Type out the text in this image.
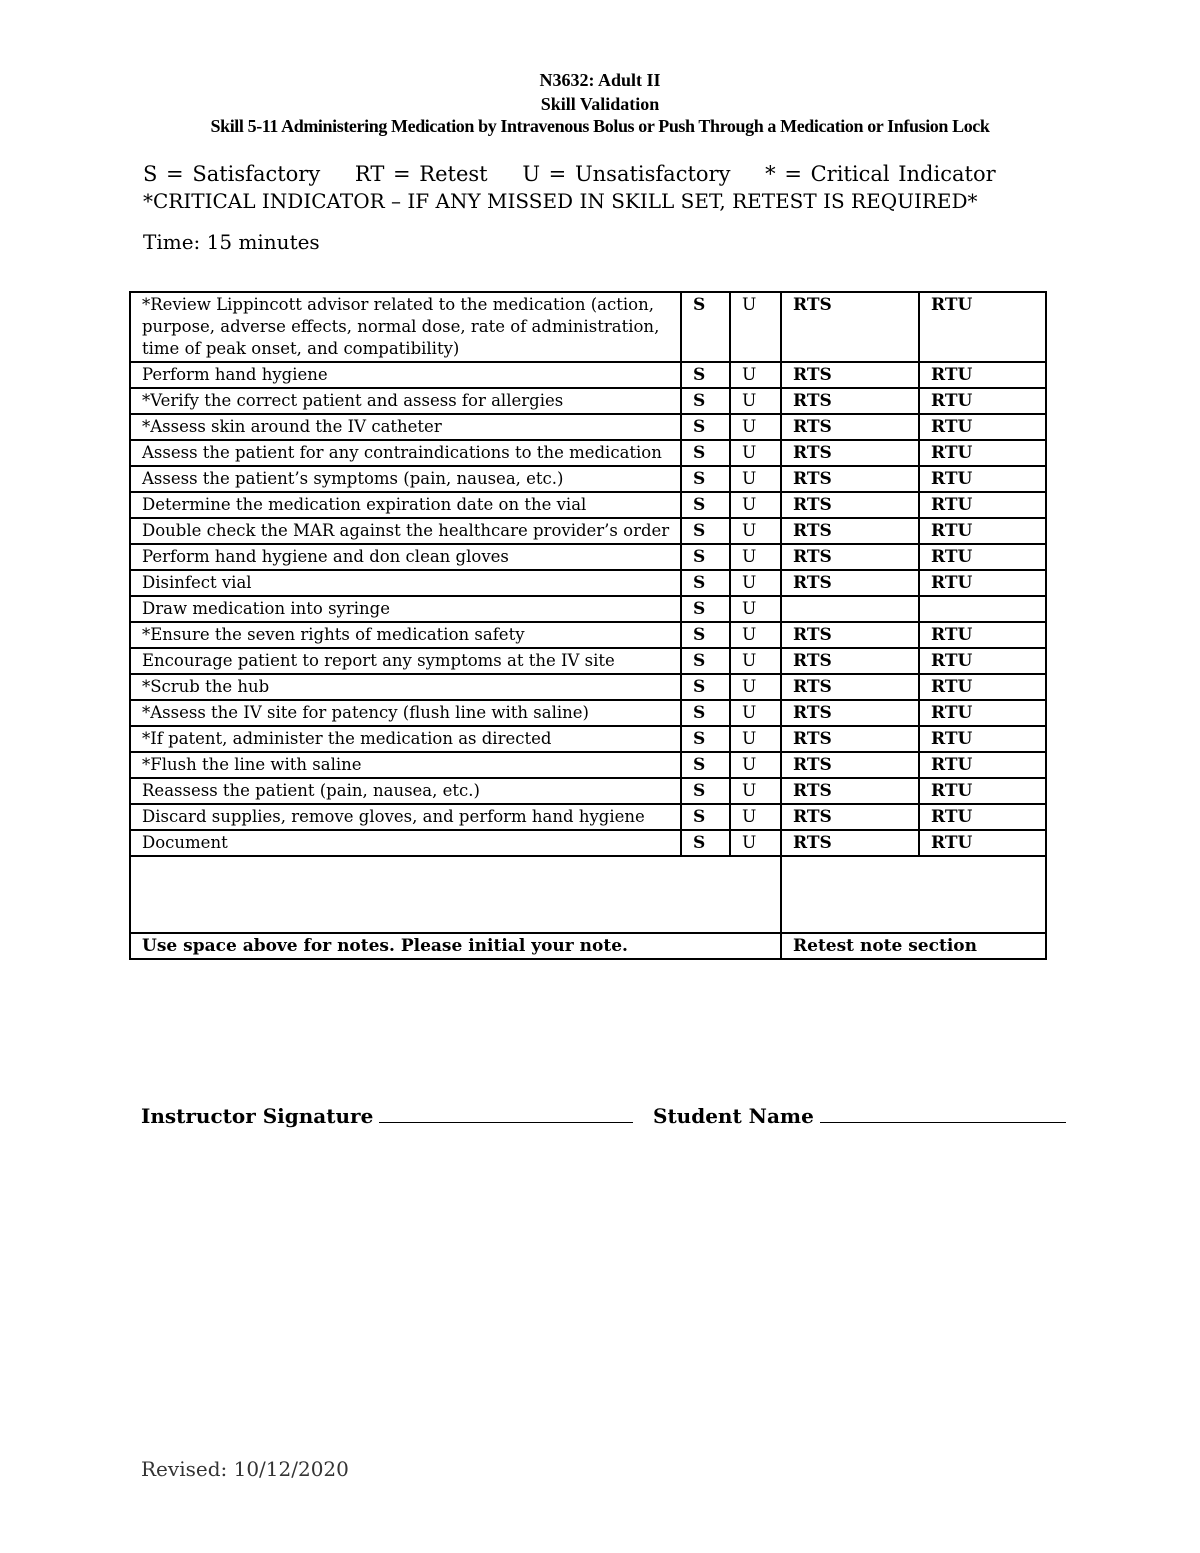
N3632: Adult II
Skill Validation
Skill 5-11 Administering Medication by Intravenous Bolus or Push Through a Medication or Infusion Lock
S = Satisfactory RT = Retest U = Unsatisfactory * = Critical Indicator
*CRITICAL INDICATOR – IF ANY MISSED IN SKILL SET, RETEST IS REQUIRED*
Time: 15 minutes
*Review Lippincott advisor related to the medication (action, purpose, adverse effects, normal dose, rate of administration, time of peak onset, and compatibility)	S	U	RTS	RTU
Perform hand hygiene	S	U	RTS	RTU
*Verify the correct patient and assess for allergies	S	U	RTS	RTU
*Assess skin around the IV catheter	S	U	RTS	RTU
Assess the patient for any contraindications to the medication	S	U	RTS	RTU
Assess the patient’s symptoms (pain, nausea, etc.)	S	U	RTS	RTU
Determine the medication expiration date on the vial	S	U	RTS	RTU
Double check the MAR against the healthcare provider’s order	S	U	RTS	RTU
Perform hand hygiene and don clean gloves	S	U	RTS	RTU
Disinfect vial	S	U	RTS	RTU
Draw medication into syringe	S	U		
*Ensure the seven rights of medication safety	S	U	RTS	RTU
Encourage patient to report any symptoms at the IV site	S	U	RTS	RTU
*Scrub the hub	S	U	RTS	RTU
*Assess the IV site for patency (flush line with saline)	S	U	RTS	RTU
*If patent, administer the medication as directed	S	U	RTS	RTU
*Flush the line with saline	S	U	RTS	RTU
Reassess the patient (pain, nausea, etc.)	S	U	RTS	RTU
Discard supplies, remove gloves, and perform hand hygiene	S	U	RTS	RTU
Document	S	U	RTS	RTU

Use space above for notes. Please initial your note.			Retest note section	
Instructor Signature	Student Name
Revised: 10/12/2020
